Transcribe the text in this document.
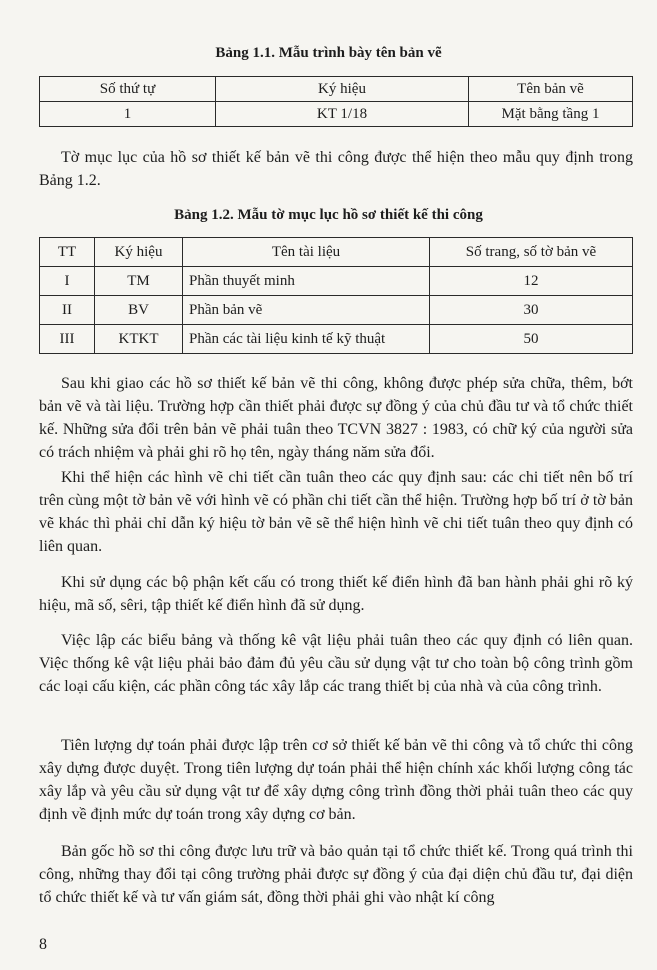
Bảng 1.1. Mẫu trình bày tên bản vẽ
Số thứ tự	Ký hiệu	Tên bản vẽ
1	KT 1/18	Mặt bằng tầng 1

Tờ mục lục của hồ sơ thiết kế bản vẽ thi công được thể hiện theo mẫu quy định trong Bảng 1.2.

Bảng 1.2. Mẫu tờ mục lục hồ sơ thiết kế thi công
TT	Ký hiệu	Tên tài liệu	Số trang, số tờ bản vẽ
I	TM	Phần thuyết minh	12
II	BV	Phần bản vẽ	30
III	KTKT	Phần các tài liệu kinh tế kỹ thuật	50

Sau khi giao các hồ sơ thiết kế bản vẽ thi công, không được phép sửa chữa, thêm, bớt bản vẽ và tài liệu. Trường hợp cần thiết phải được sự đồng ý của chủ đầu tư và tổ chức thiết kế. Những sửa đổi trên bản vẽ phải tuân theo TCVN 3827 : 1983, có chữ ký của người sửa có trách nhiệm và phải ghi rõ họ tên, ngày tháng năm sửa đổi.

Khi thể hiện các hình vẽ chi tiết cần tuân theo các quy định sau: các chi tiết nên bố trí trên cùng một tờ bản vẽ với hình vẽ có phần chi tiết cần thể hiện. Trường hợp bố trí ở tờ bản vẽ khác thì phải chỉ dẫn ký hiệu tờ bản vẽ sẽ thể hiện hình vẽ chi tiết tuân theo quy định có liên quan.

Khi sử dụng các bộ phận kết cấu có trong thiết kế điển hình đã ban hành phải ghi rõ ký hiệu, mã số, sêri, tập thiết kế điển hình đã sử dụng.

Việc lập các biểu bảng và thống kê vật liệu phải tuân theo các quy định có liên quan. Việc thống kê vật liệu phải bảo đảm đủ yêu cầu sử dụng vật tư cho toàn bộ công trình gồm các loại cấu kiện, các phần công tác xây lắp các trang thiết bị của nhà và của công trình.

Tiên lượng dự toán phải được lập trên cơ sở thiết kế bản vẽ thi công và tổ chức thi công xây dựng được duyệt. Trong tiên lượng dự toán phải thể hiện chính xác khối lượng công tác xây lắp và yêu cầu sử dụng vật tư để xây dựng công trình đồng thời phải tuân theo các quy định về định mức dự toán trong xây dựng cơ bản.

Bản gốc hồ sơ thi công được lưu trữ và bảo quản tại tổ chức thiết kế. Trong quá trình thi công, những thay đổi tại công trường phải được sự đồng ý của đại diện chủ đầu tư, đại diện tổ chức thiết kế và tư vấn giám sát, đồng thời phải ghi vào nhật kí công

8
